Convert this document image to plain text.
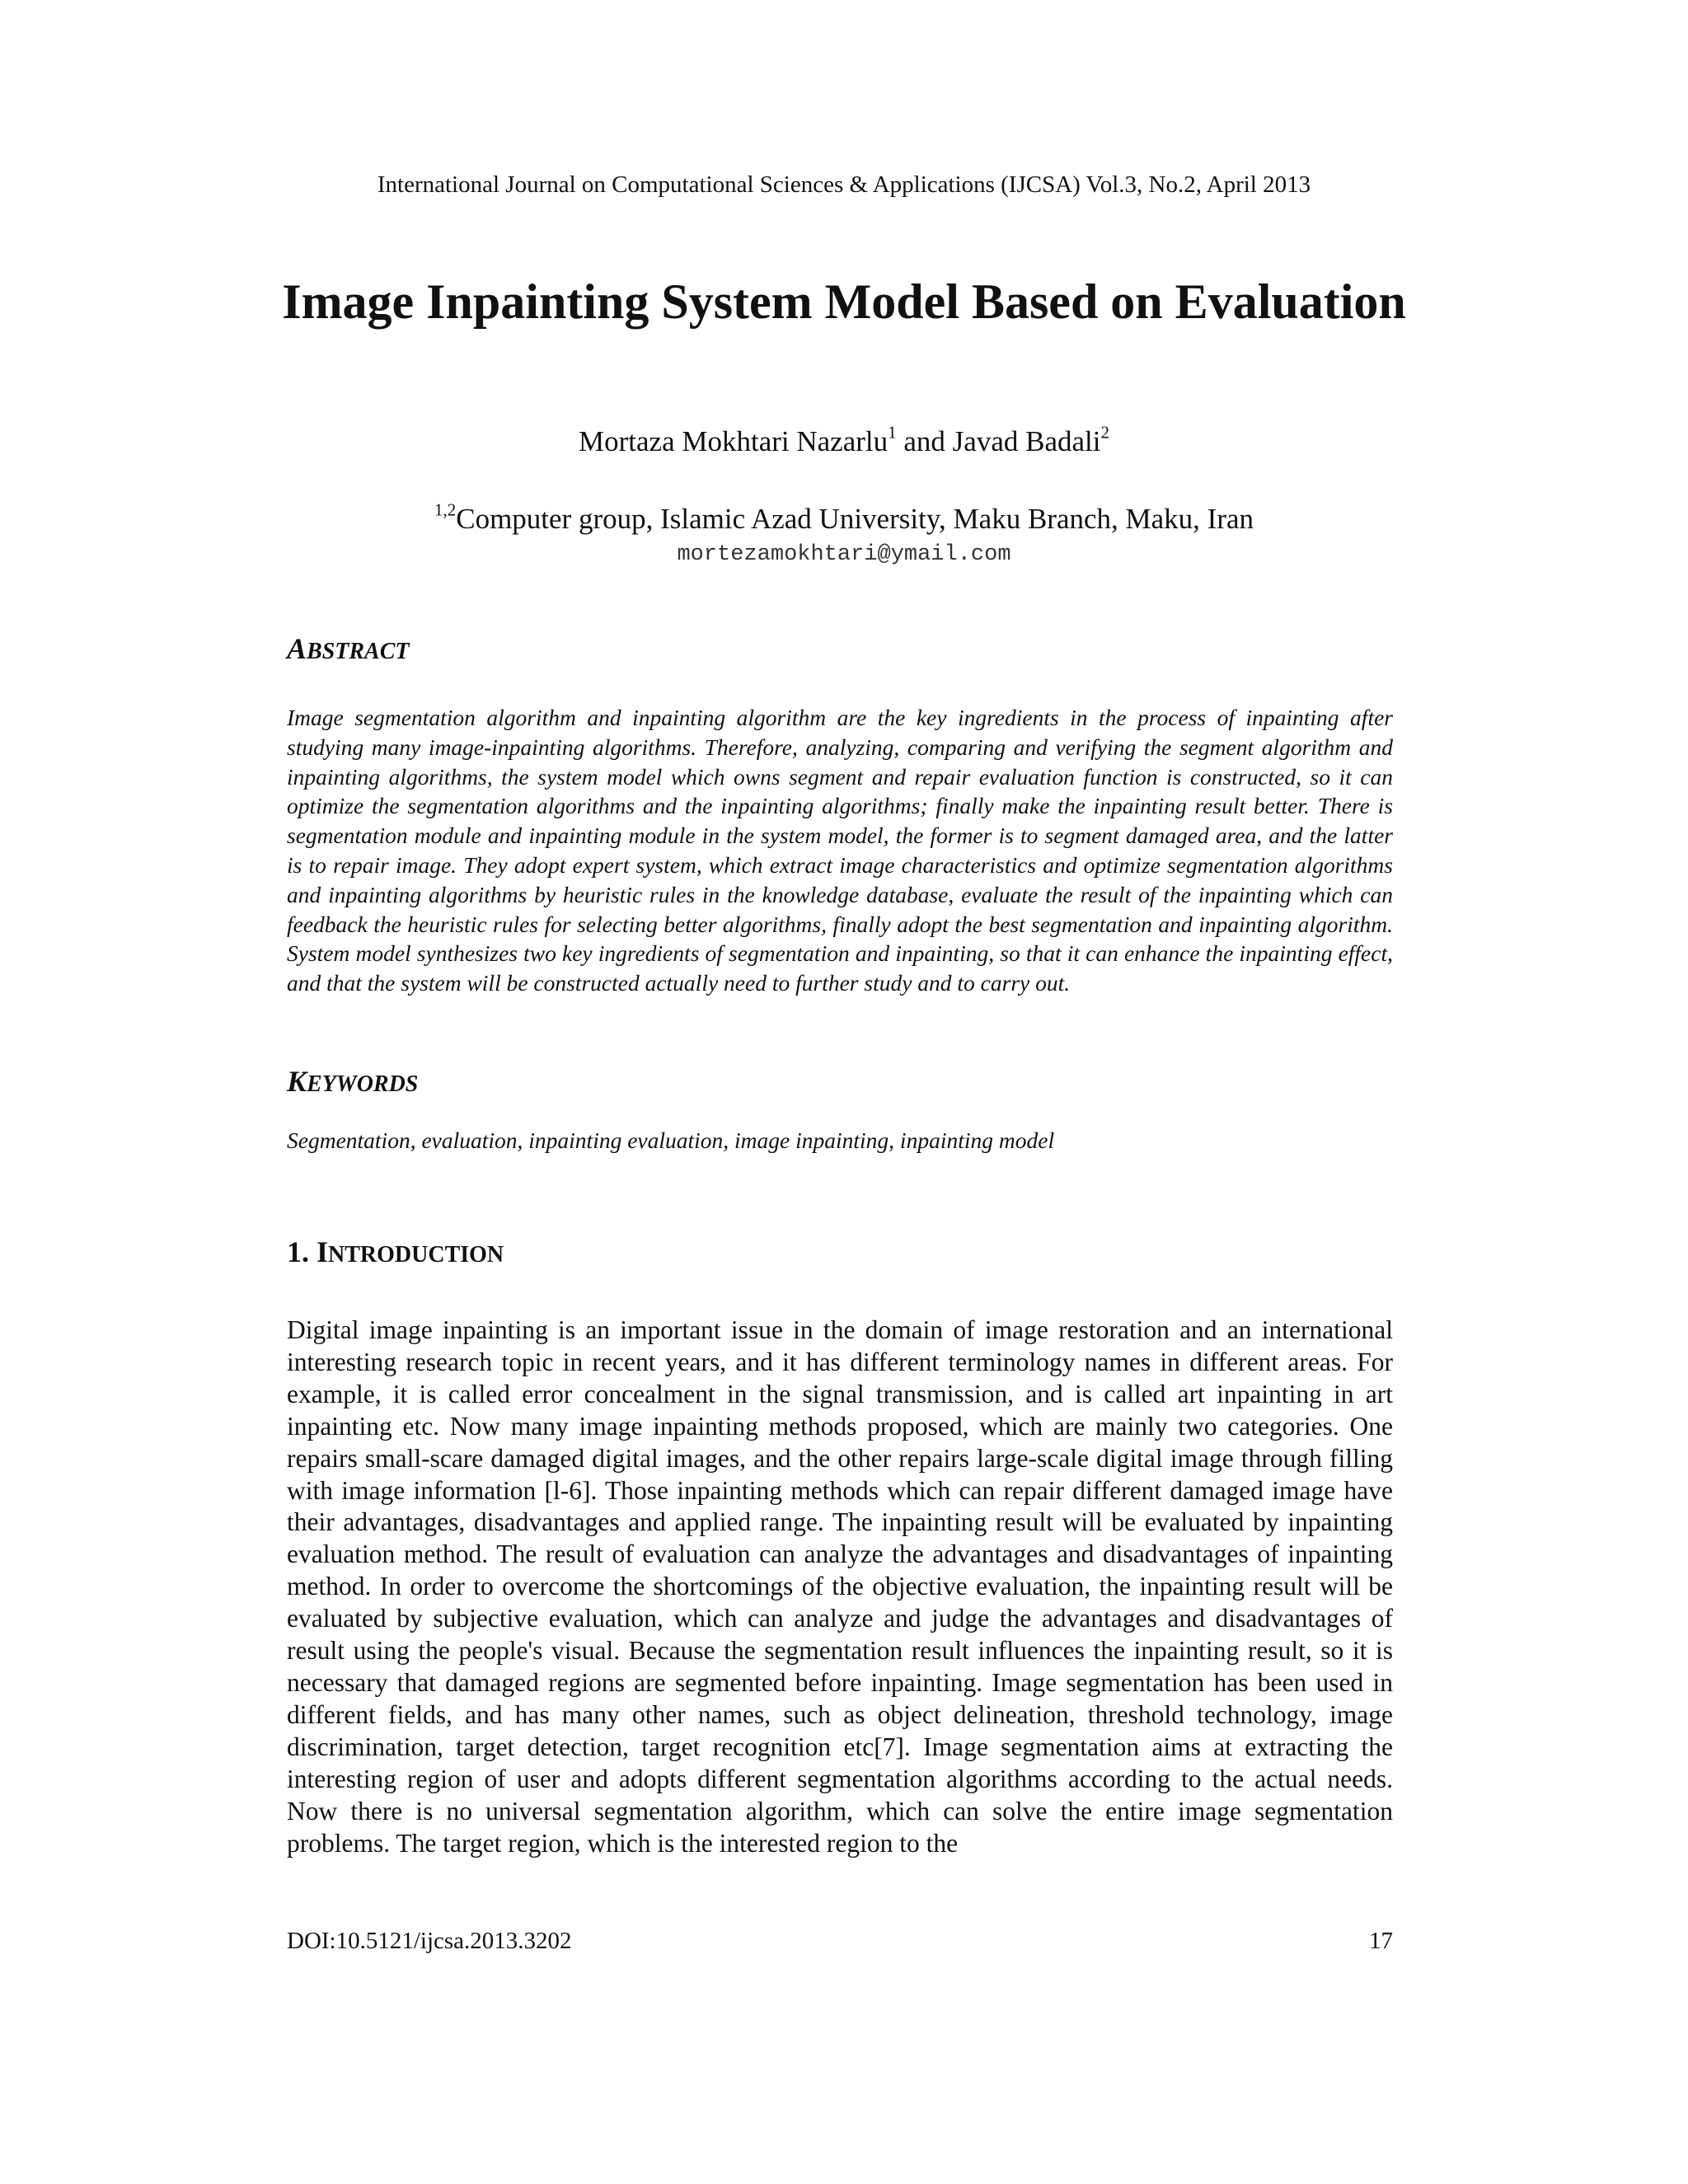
International Journal on Computational Sciences & Applications (IJCSA) Vol.3, No.2, April 2013
Image Inpainting System Model Based on Evaluation
Mortaza Mokhtari Nazarlu$^1$ and Javad Badali$^2$
$^{1,2}$Computer group, Islamic Azad University, Maku Branch, Maku, Iran
mortezamokhtari@ymail.com
ABSTRACT

Image segmentation algorithm and inpainting algorithm are the key ingredients in the process of inpainting after studying many image-inpainting algorithms. Therefore, analyzing, comparing and verifying the segment algorithm and inpainting algorithms, the system model which owns segment and repair evaluation function is constructed, so it can optimize the segmentation algorithms and the inpainting algorithms; finally make the inpainting result better. There is segmentation module and inpainting module in the system model, the former is to segment damaged area, and the latter is to repair image. They adopt expert system, which extract image characteristics and optimize segmentation algorithms and inpainting algorithms by heuristic rules in the knowledge database, evaluate the result of the inpainting which can feedback the heuristic rules for selecting better algorithms, finally adopt the best segmentation and inpainting algorithm. System model synthesizes two key ingredients of segmentation and inpainting, so that it can enhance the inpainting effect, and that the system will be constructed actually need to further study and to carry out.

KEYWORDS

Segmentation, evaluation, inpainting evaluation, image inpainting, inpainting model

1. INTRODUCTION

Digital image inpainting is an important issue in the domain of image restoration and an international interesting research topic in recent years, and it has different terminology names in different areas. For example, it is called error concealment in the signal transmission, and is called art inpainting in art inpainting etc. Now many image inpainting methods proposed, which are mainly two categories. One repairs small-scare damaged digital images, and the other repairs large-scale digital image through filling with image information [l-6]. Those inpainting methods which can repair different damaged image have their advantages, disadvantages and applied range. The inpainting result will be evaluated by inpainting evaluation method. The result of evaluation can analyze the advantages and disadvantages of inpainting method. In order to overcome the shortcomings of the objective evaluation, the inpainting result will be evaluated by subjective evaluation, which can analyze and judge the advantages and disadvantages of result using the people's visual. Because the segmentation result influences the inpainting result, so it is necessary that damaged regions are segmented before inpainting. Image segmentation has been used in different fields, and has many other names, such as object delineation, threshold technology, image discrimination, target detection, target recognition etc[7]. Image segmentation aims at extracting the interesting region of user and adopts different segmentation algorithms according to the actual needs. Now there is no universal segmentation algorithm, which can solve the entire image segmentation problems. The target region, which is the interested region to the

DOI:10.5121/ijcsa.2013.3202	17
